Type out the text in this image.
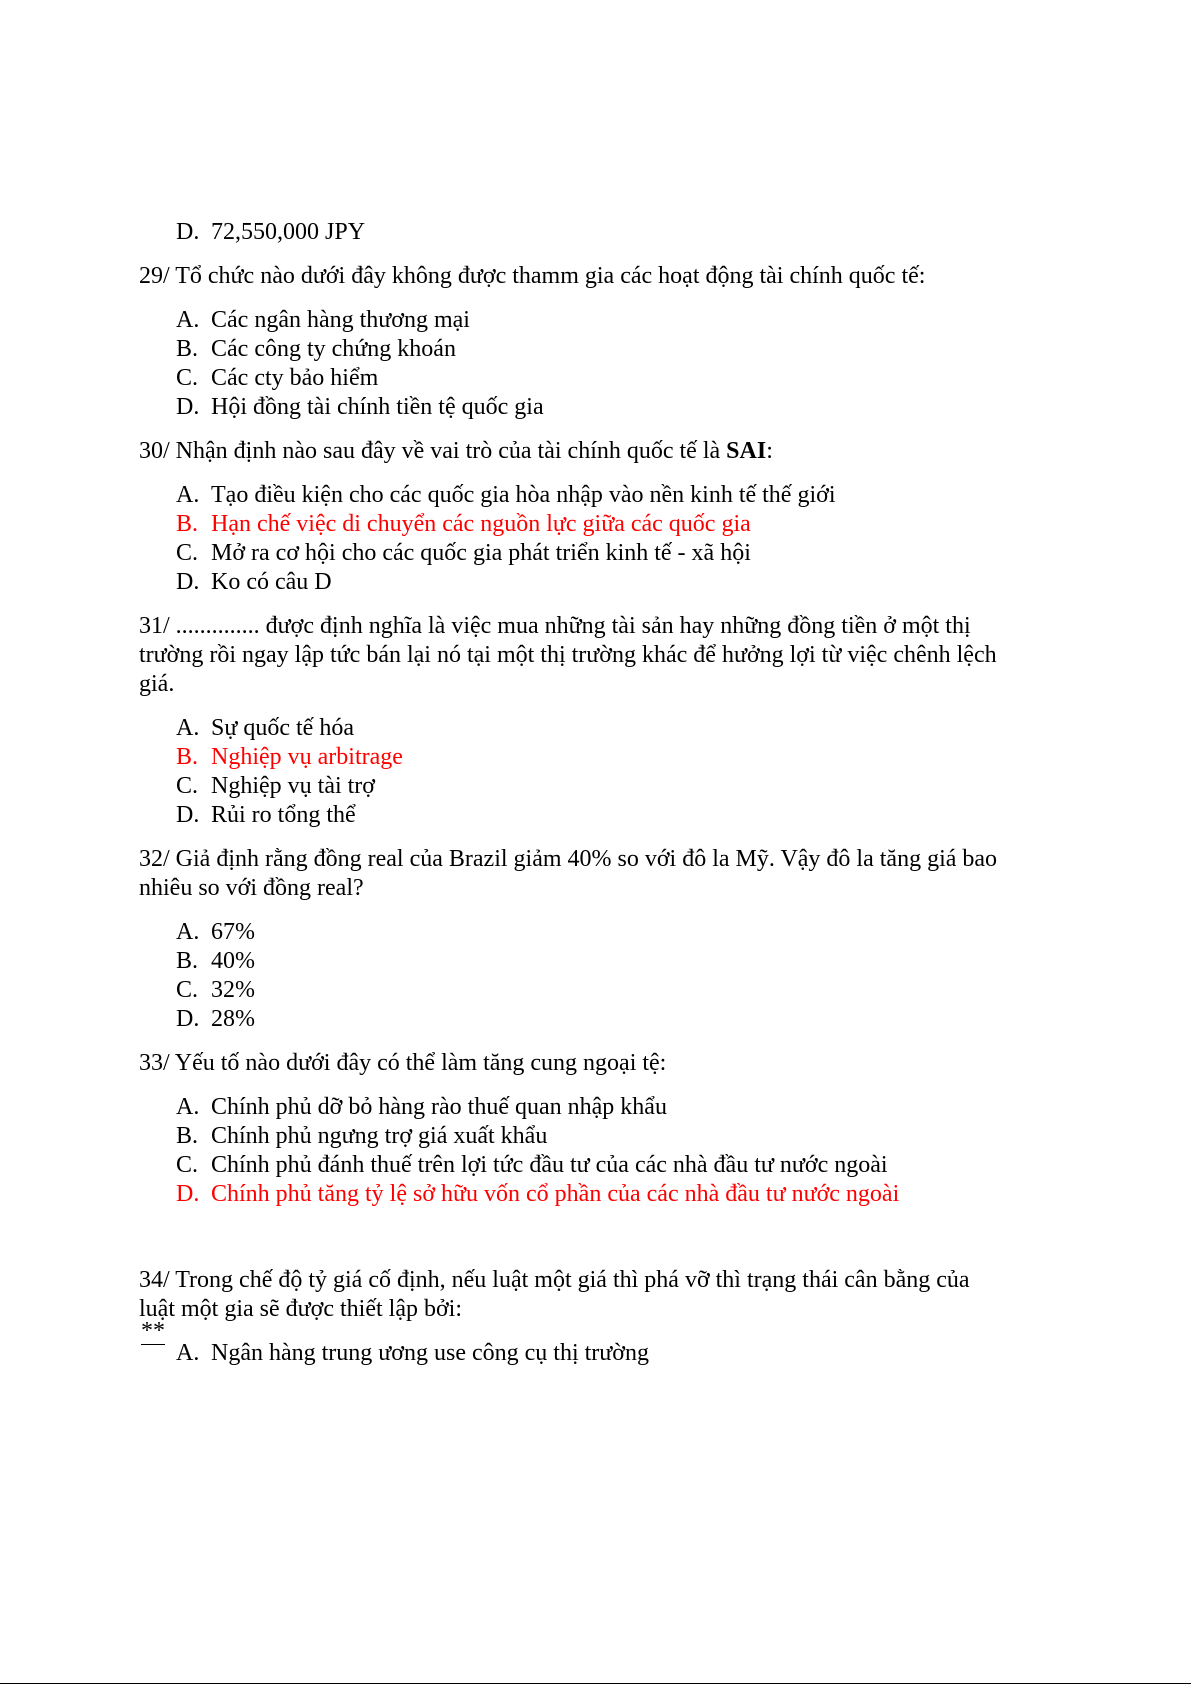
D. 72,550,000 JPY
29/ Tổ chức nào dưới đây không được thamm gia các hoạt động tài chính quốc tế:
A. Các ngân hàng thương mại
B. Các công ty chứng khoán
C. Các cty bảo hiểm
D. Hội đồng tài chính tiền tệ quốc gia
30/ Nhận định nào sau đây về vai trò của tài chính quốc tế là SAI:
A. Tạo điều kiện cho các quốc gia hòa nhập vào nền kinh tế thế giới
B. Hạn chế việc di chuyển các nguồn lực giữa các quốc gia
C. Mở ra cơ hội cho các quốc gia phát triển kinh tế - xã hội
D. Ko có câu D
31/ .............. được định nghĩa là việc mua những tài sản hay những đồng tiền ở một thị
trường rồi ngay lập tức bán lại nó tại một thị trường khác để hưởng lợi từ việc chênh lệch
giá.
A. Sự quốc tế hóa
B. Nghiệp vụ arbitrage
C. Nghiệp vụ tài trợ
D. Rủi ro tổng thể
32/ Giả định rằng đồng real của Brazil giảm 40% so với đô la Mỹ. Vậy đô la tăng giá bao
nhiêu so với đồng real?
A. 67%
B. 40%
C. 32%
D. 28%
33/ Yếu tố nào dưới đây có thể làm tăng cung ngoại tệ:
A. Chính phủ dỡ bỏ hàng rào thuế quan nhập khẩu
B. Chính phủ ngưng trợ giá xuất khẩu
C. Chính phủ đánh thuế trên lợi tức đầu tư của các nhà đầu tư nước ngoài
D. Chính phủ tăng tỷ lệ sở hữu vốn cổ phần của các nhà đầu tư nước ngoài
**
34/ Trong chế độ tỷ giá cố định, nếu luật một giá thì phá vỡ thì trạng thái cân bằng của
luật một gia sẽ được thiết lập bởi:
A. Ngân hàng trung ương use công cụ thị trường
